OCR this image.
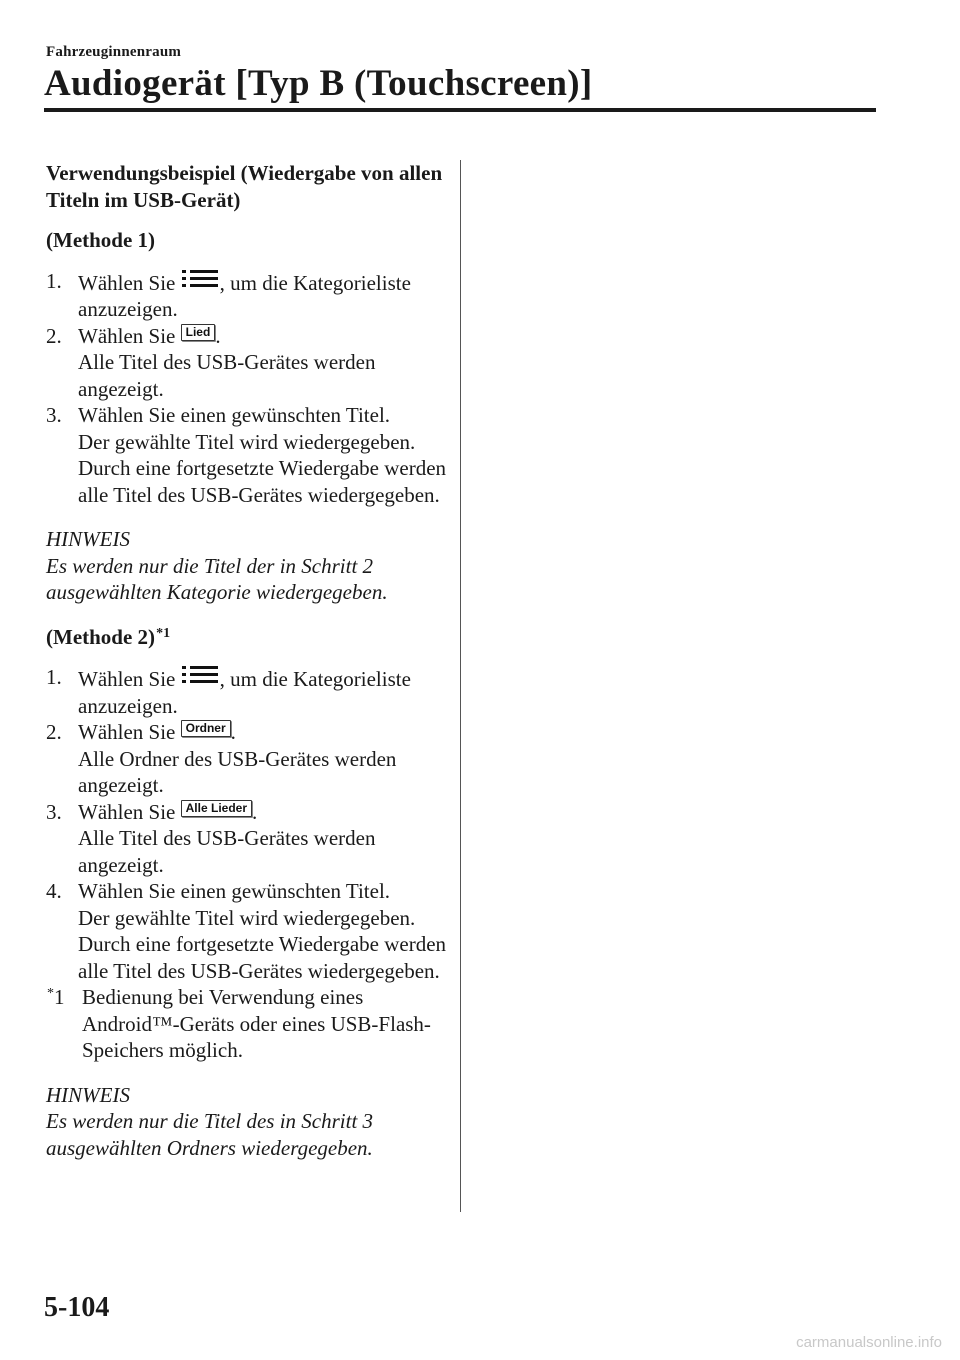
Fahrzeuginnenraum
Audiogerät [Typ B (Touchscreen)]
Verwendungsbeispiel (Wiedergabe von allen Titeln im USB-Gerät)
(Methode 1)
1. Wählen Sie
, um die Kategorieliste anzuzeigen.
2. Wählen Sie Lied .
Alle Titel des USB-Gerätes werden angezeigt.
3. Wählen Sie einen gewünschten Titel.
Der gewählte Titel wird wiedergegeben. Durch eine fortgesetzte Wiedergabe werden alle Titel des USB-Gerätes wiedergegeben.
HINWEIS
Es werden nur die Titel der in Schritt 2 ausgewählten Kategorie wiedergegeben.
(Methode 2)$^{*1}$
1. Wählen Sie
, um die Kategorieliste anzuzeigen.
2. Wählen Sie Ordner .
Alle Ordner des USB-Gerätes werden angezeigt.
3. Wählen Sie Alle Lieder .
Alle Titel des USB-Gerätes werden angezeigt.
4. Wählen Sie einen gewünschten Titel.
Der gewählte Titel wird wiedergegeben. Durch eine fortgesetzte Wiedergabe werden alle Titel des USB-Gerätes wiedergegeben.
*1 Bedienung bei Verwendung eines Android™-Geräts oder eines USB-Flash-Speichers möglich.
HINWEIS
Es werden nur die Titel des in Schritt 3 ausgewählten Ordners wiedergegeben.
5-104
carmanualsonline.info
